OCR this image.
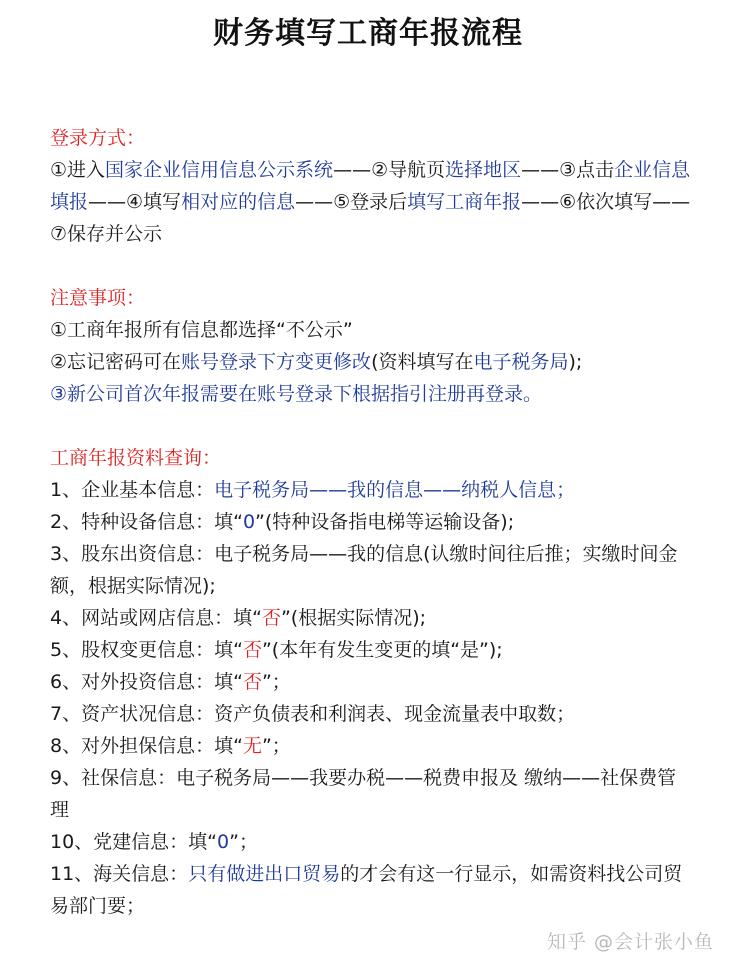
财务填写工商年报流程

登录方式：

①进入国家企业信用信息公示系统——②导航页选择地区——③点击企业信息填报——④填写相对应的信息——⑤登录后填写工商年报——⑥依次填写——⑦保存并公示

注意事项：

①工商年报所有信息都选择“不公示”

②忘记密码可在账号登录下方变更修改(资料填写在电子税务局);

③新公司首次年报需要在账号登录下根据指引注册再登录。

工商年报资料查询：

1、企业基本信息：电子税务局——我的信息——纳税人信息；

2、特种设备信息：填“0”(特种设备指电梯等运输设备);

3、股东出资信息：电子税务局——我的信息(认缴时间往后推；实缴时间金额，根据实际情况);

4、网站或网店信息：填“否”(根据实际情况);

5、股权变更信息：填“否”(本年有发生变更的填“是”);

6、对外投资信息：填“否”；

7、资产状况信息：资产负债表和利润表、现金流量表中取数；

8、对外担保信息：填“无”；

9、社保信息：电子税务局——我要办税——税费申报及 缴纳——社保费管理

10、党建信息：填“0”；

11、海关信息：只有做进出口贸易的才会有这一行显示，如需资料找公司贸易部门要；

知乎 @会计张小鱼
